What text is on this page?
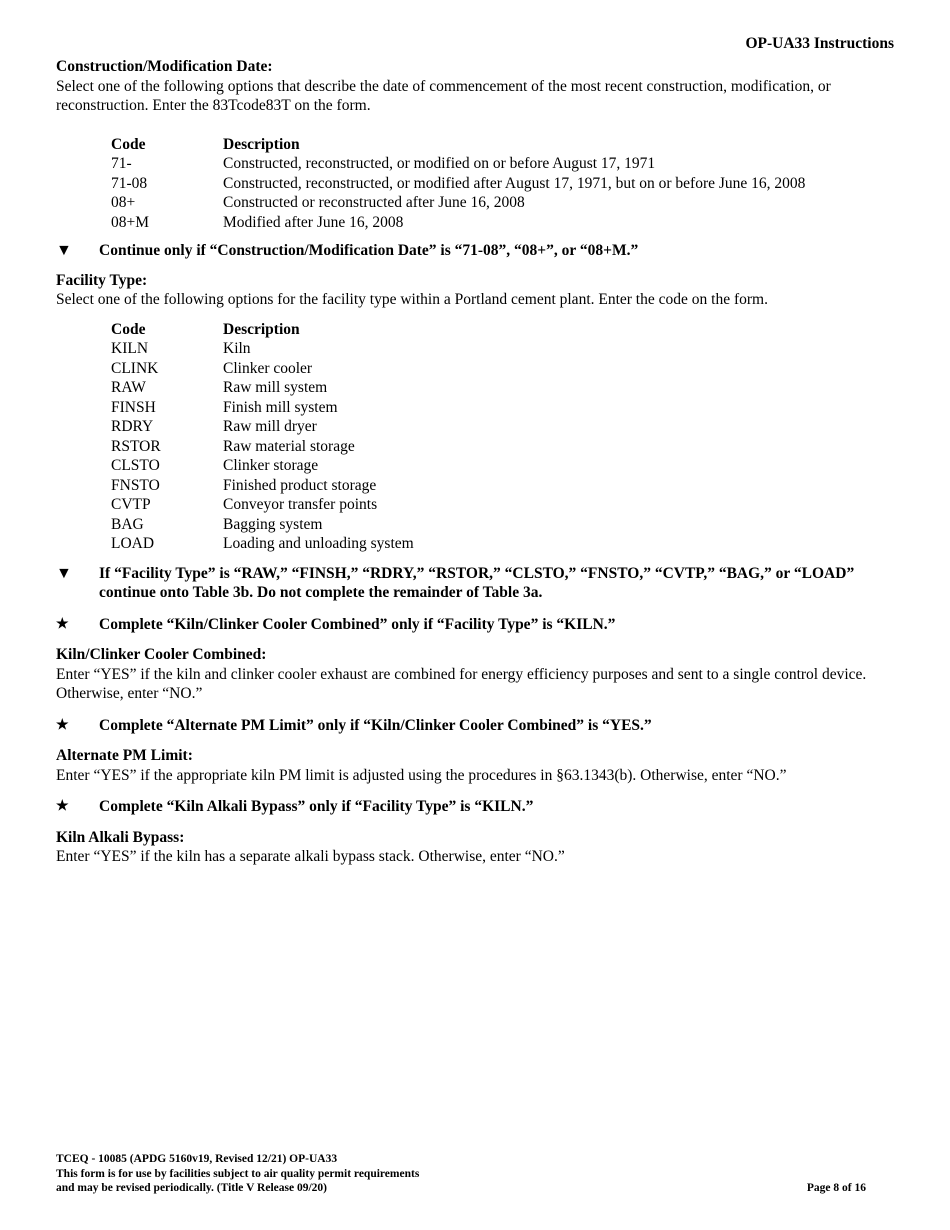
OP-UA33 Instructions
Construction/Modification Date:

Select one of the following options that describe the date of commencement of the most recent construction, modification, or reconstruction. Enter the 83Tcode83T on the form.

Code	Description
71-	Constructed, reconstructed, or modified on or before August 17, 1971
71-08	Constructed, reconstructed, or modified after August 17, 1971, but on or before June 16, 2008
08+	Constructed or reconstructed after June 16, 2008
08+M	Modified after June 16, 2008
▼	Continue only if “Construction/Modification Date” is “71-08”, “08+”, or “08+M.”
Facility Type:

Select one of the following options for the facility type within a Portland cement plant. Enter the code on the form.

Code	Description
KILN	Kiln
CLINK	Clinker cooler
RAW	Raw mill system
FINSH	Finish mill system
RDRY	Raw mill dryer
RSTOR	Raw material storage
CLSTO	Clinker storage
FNSTO	Finished product storage
CVTP	Conveyor transfer points
BAG	Bagging system
LOAD	Loading and unloading system
▼	If “Facility Type” is “RAW,” “FINSH,” “RDRY,” “RSTOR,” “CLSTO,” “FNSTO,” “CVTP,” “BAG,” or “LOAD” continue onto Table 3b. Do not complete the remainder of Table 3a.
★	Complete “Kiln/Clinker Cooler Combined” only if “Facility Type” is “KILN.”
Kiln/Clinker Cooler Combined:

Enter “YES” if the kiln and clinker cooler exhaust are combined for energy efficiency purposes and sent to a single control device. Otherwise, enter “NO.”

★	Complete “Alternate PM Limit” only if “Kiln/Clinker Cooler Combined” is “YES.”
Alternate PM Limit:

Enter “YES” if the appropriate kiln PM limit is adjusted using the procedures in §63.1343(b). Otherwise, enter “NO.”

★	Complete “Kiln Alkali Bypass” only if “Facility Type” is “KILN.”
Kiln Alkali Bypass:

Enter “YES” if the kiln has a separate alkali bypass stack. Otherwise, enter “NO.”

TCEQ - 10085 (APDG 5160v19, Revised 12/21) OP-UA33
This form is for use by facilities subject to air quality permit requirements
and may be revised periodically. (Title V Release 09/20)	Page 8 of 16
